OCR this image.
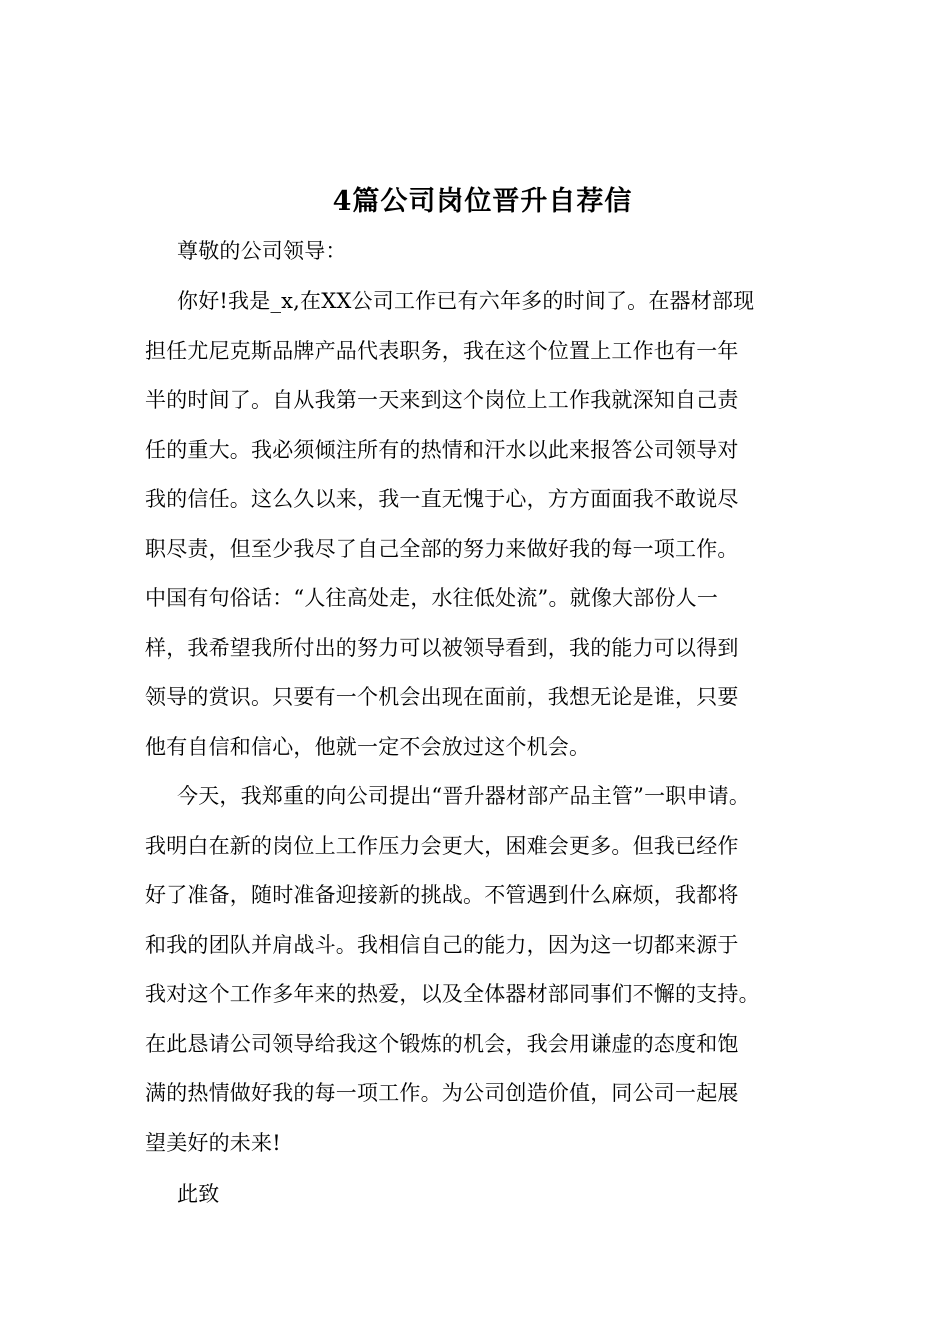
4篇公司岗位晋升自荐信
尊敬的公司领导：
你好!我是_x,在XX公司工作已有六年多的时间了。在器材部现
担任尤尼克斯品牌产品代表职务，我在这个位置上工作也有一年
半的时间了。自从我第一天来到这个岗位上工作我就深知自己责
任的重大。我必须倾注所有的热情和汗水以此来报答公司领导对
我的信任。这么久以来，我一直无愧于心，方方面面我不敢说尽
职尽责，但至少我尽了自己全部的努力来做好我的每一项工作。
中国有句俗话：“人往高处走，水往低处流”。就像大部份人一
样，我希望我所付出的努力可以被领导看到，我的能力可以得到
领导的赏识。只要有一个机会出现在面前，我想无论是谁，只要
他有自信和信心，他就一定不会放过这个机会。
今天，我郑重的向公司提出“晋升器材部产品主管”一职申请。
我明白在新的岗位上工作压力会更大，困难会更多。但我已经作
好了准备，随时准备迎接新的挑战。不管遇到什么麻烦，我都将
和我的团队并肩战斗。我相信自己的能力，因为这一切都来源于
我对这个工作多年来的热爱，以及全体器材部同事们不懈的支持。
在此恳请公司领导给我这个锻炼的机会，我会用谦虚的态度和饱
满的热情做好我的每一项工作。为公司创造价值，同公司一起展
望美好的未来!
此致
